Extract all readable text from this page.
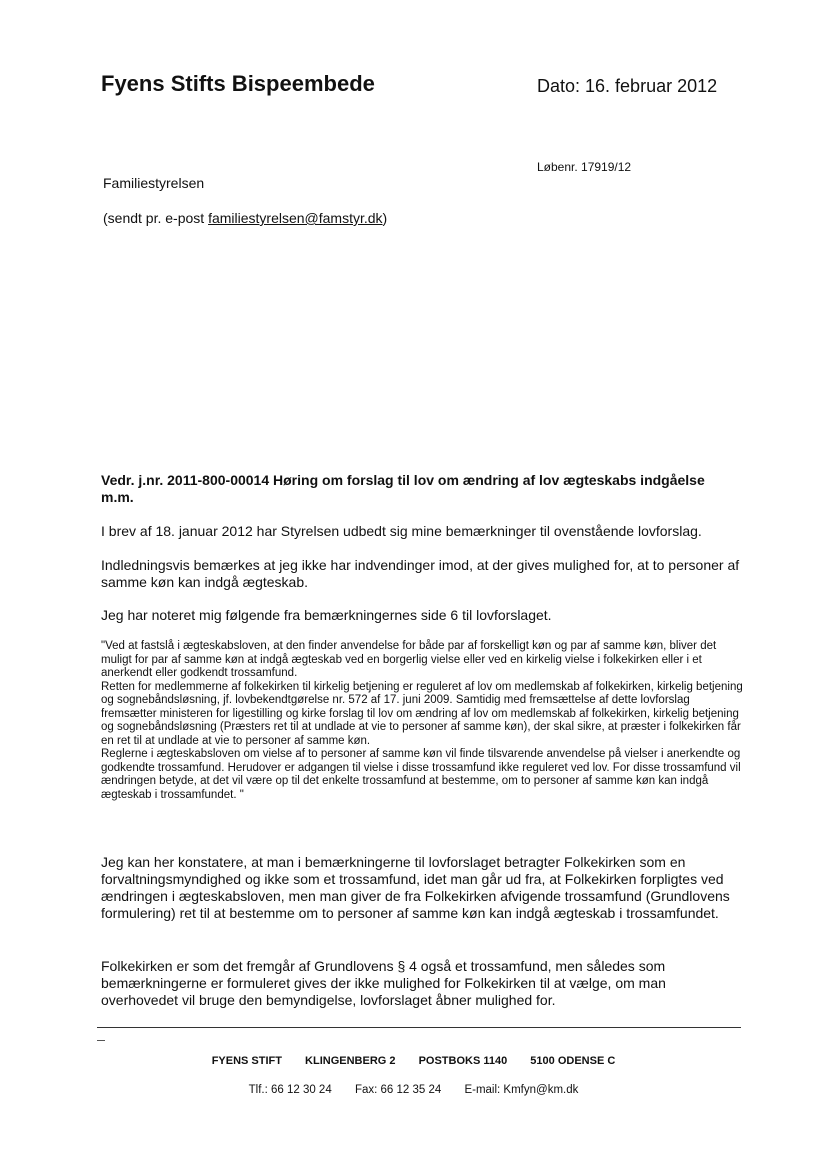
Fyens Stifts Bispeembede	Dato: 16. februar 2012
Løbenr. 17919/12
Familiestyrelsen
(sendt pr. e-post familiestyrelsen@famstyr.dk)
Vedr. j.nr. 2011-800-00014 Høring om forslag til lov om ændring af lov ægteskabs indgåelse m.m.

I brev af 18. januar 2012 har Styrelsen udbedt sig mine bemærkninger til ovenstående lovforslag.

Indledningsvis bemærkes at jeg ikke har indvendinger imod, at der gives mulighed for, at to personer af samme køn kan indgå ægteskab.

Jeg har noteret mig følgende fra bemærkningernes side 6 til lovforslaget.

"Ved at fastslå i ægteskabsloven, at den finder anvendelse for både par af forskelligt køn og par af samme køn, bliver det muligt for par af samme køn at indgå ægteskab ved en borgerlig vielse eller ved en kirkelig vielse i folkekirken eller i et anerkendt eller godkendt trossamfund.
Retten for medlemmerne af folkekirken til kirkelig betjening er reguleret af lov om medlemskab af folkekirken, kirkelig betjening og sognebåndsløsning, jf. lovbekendtgørelse nr. 572 af 17. juni 2009. Samtidig med fremsættelse af dette lovforslag fremsætter ministeren for ligestilling og kirke forslag til lov om ændring af lov om medlemskab af folkekirken, kirkelig betjening og sognebåndsløsning (Præsters ret til at undlade at vie to personer af samme køn), der skal sikre, at præster i folkekirken får en ret til at undlade at vie to personer af samme køn.
Reglerne i ægteskabsloven om vielse af to personer af samme køn vil finde tilsvarende anvendelse på vielser i anerkendte og godkendte trossamfund. Herudover er adgangen til vielse i disse trossamfund ikke reguleret ved lov. For disse trossamfund vil ændringen betyde, at det vil være op til det enkelte trossamfund at bestemme, om to personer af samme køn kan indgå ægteskab i trossamfundet. "

Jeg kan her konstatere, at man i bemærkningerne til lovforslaget betragter Folkekirken som en forvaltningsmyndighed og ikke som et trossamfund, idet man går ud fra, at Folkekirken forpligtes ved ændringen i ægteskabsloven, men man giver de fra Folkekirken afvigende trossamfund (Grundlovens formulering) ret til at bestemme om to personer af samme køn kan indgå ægteskab i trossamfundet.

Folkekirken er som det fremgår af Grundlovens § 4 også et trossamfund, men således som bemærkningerne er formuleret gives der ikke mulighed for Folkekirken til at vælge, om man overhovedet vil bruge den bemyndigelse, lovforslaget åbner mulighed for.

FYENS STIFT KLINGENBERG 2 POSTBOKS 1140 5100 ODENSE C
Tlf.: 66 12 30 24 Fax: 66 12 35 24 E-mail: Kmfyn@km.dk
